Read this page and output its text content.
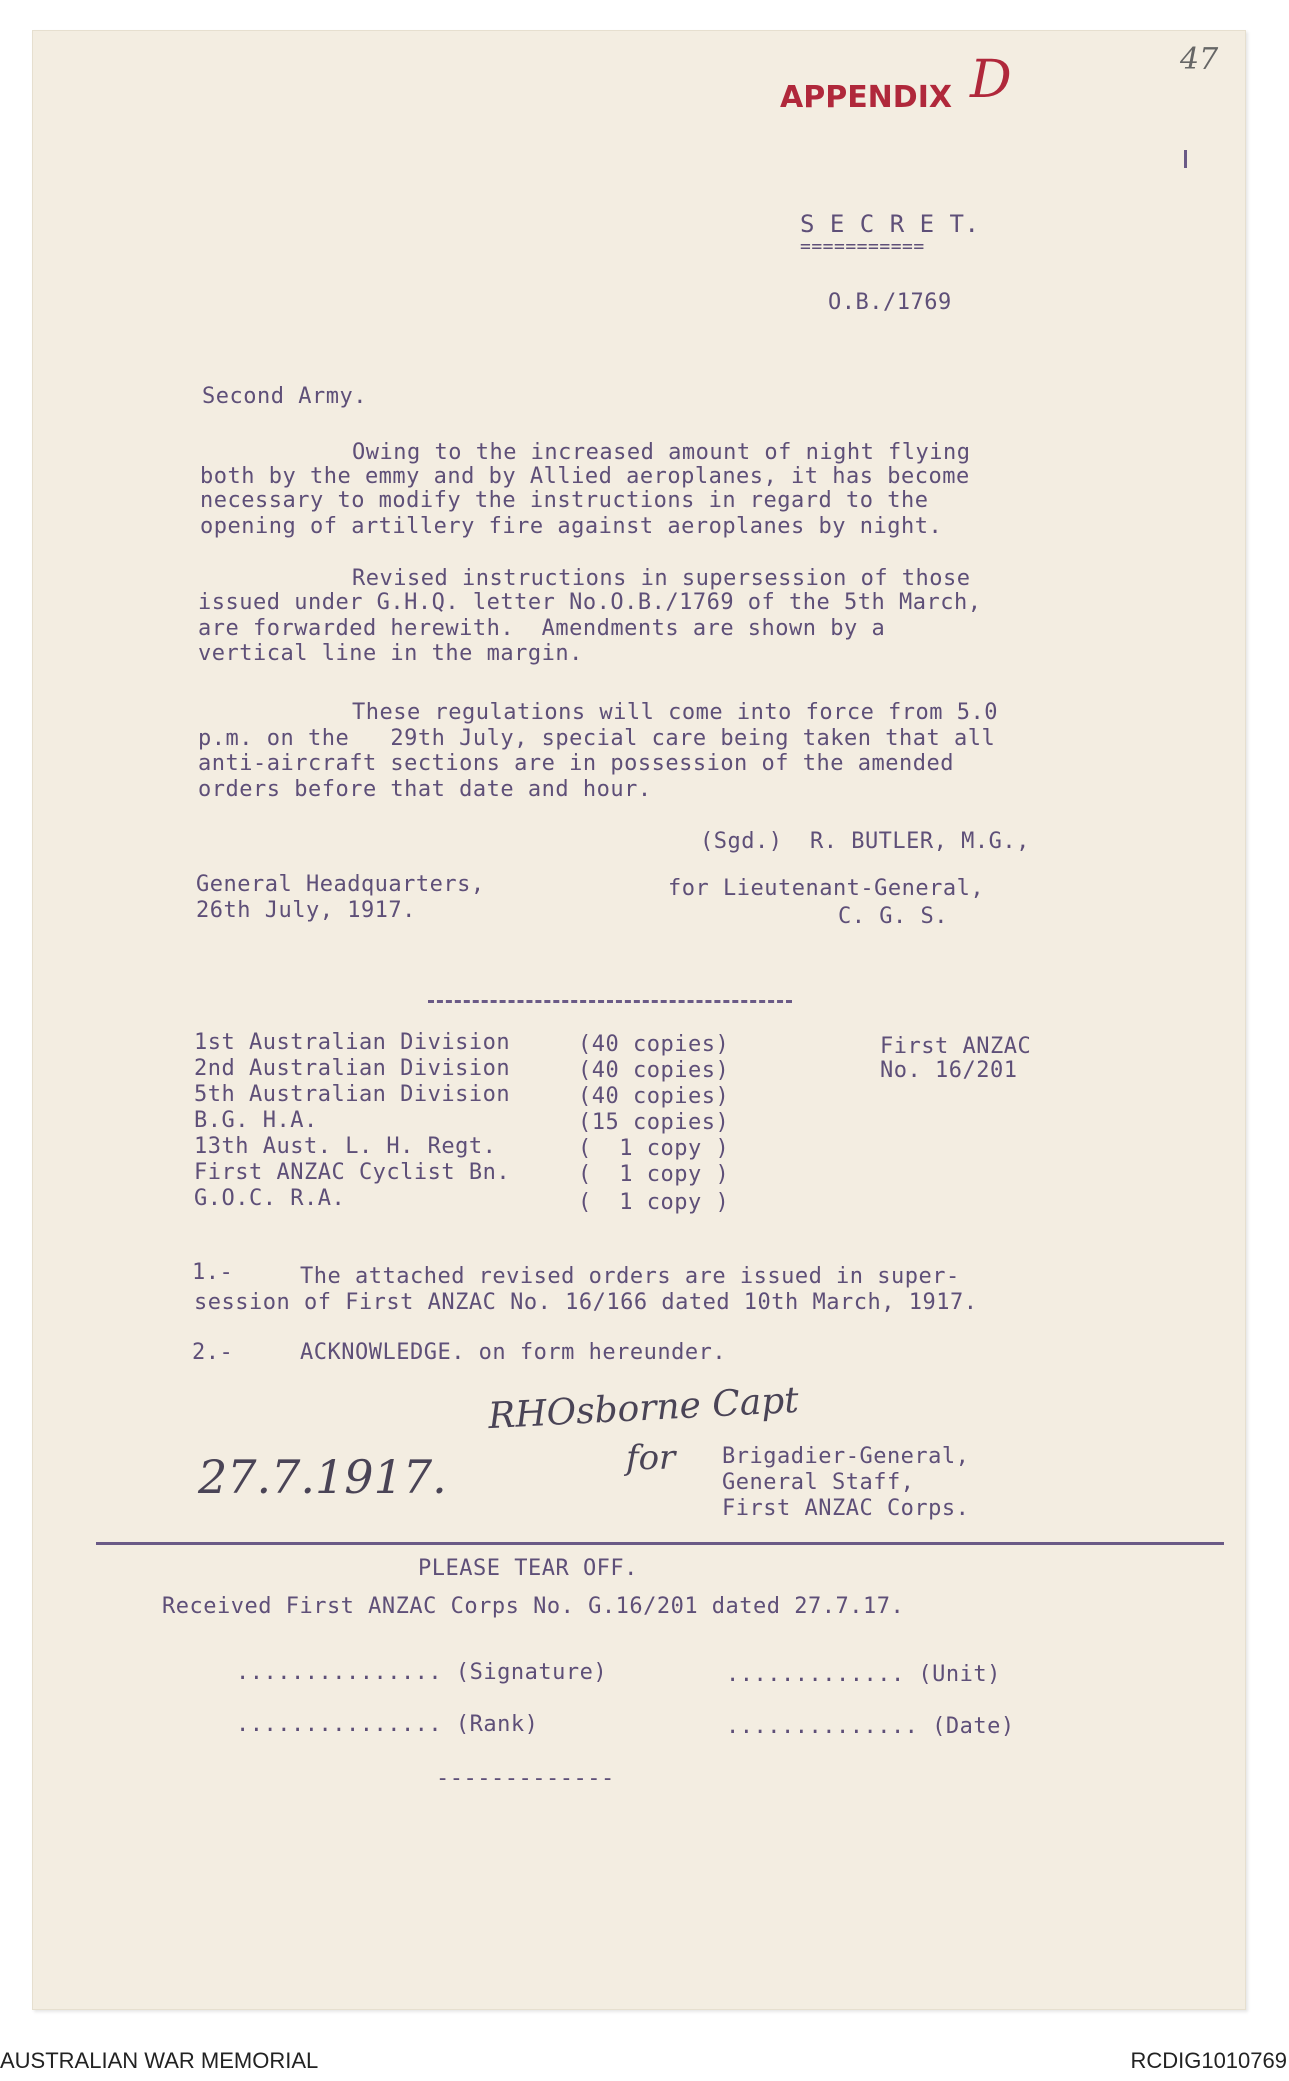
47
APPENDIX D
S E C R E T.
===========
O.B./1769
Second Army.
Owing to the increased amount of night flying
both by the emmy and by Allied aeroplanes, it has become
necessary to modify the instructions in regard to the
opening of artillery fire against aeroplanes by night.
Revised instructions in supersession of those
issued under G.H.Q. letter No.O.B./1769 of the 5th March,
are forwarded herewith.  Amendments are shown by a
vertical line in the margin.
These regulations will come into force from 5.0
p.m. on the   29th July, special care being taken that all
anti-aircraft sections are in possession of the amended
orders before that date and hour.
(Sgd.)  R. BUTLER, M.G.,
General Headquarters,	for Lieutenant-General,
26th July, 1917.	C. G. S.
1st Australian Division	(40 copies)
2nd Australian Division	(40 copies)
5th Australian Division	(40 copies)
B.G. H.A.	(15 copies)
13th Aust. L. H. Regt.	(  1 copy )
First ANZAC Cyclist Bn.	(  1 copy )
G.O.C. R.A.	(  1 copy )
First ANZAC
No. 16/201
1.-	The attached revised orders are issued in super-
session of First ANZAC No. 16/166 dated 10th March, 1917.
2.-	ACKNOWLEDGE. on form hereunder.
RHOsborne Capt
27.7.1917.	for Brigadier-General,
General Staff,
First ANZAC Corps.
PLEASE TEAR OFF.
Received First ANZAC Corps No. G.16/201 dated 27.7.17.
............... (Signature)	............. (Unit)
............... (Rank)	.............. (Date)
-------------
AUSTRALIAN WAR MEMORIAL	RCDIG1010769
